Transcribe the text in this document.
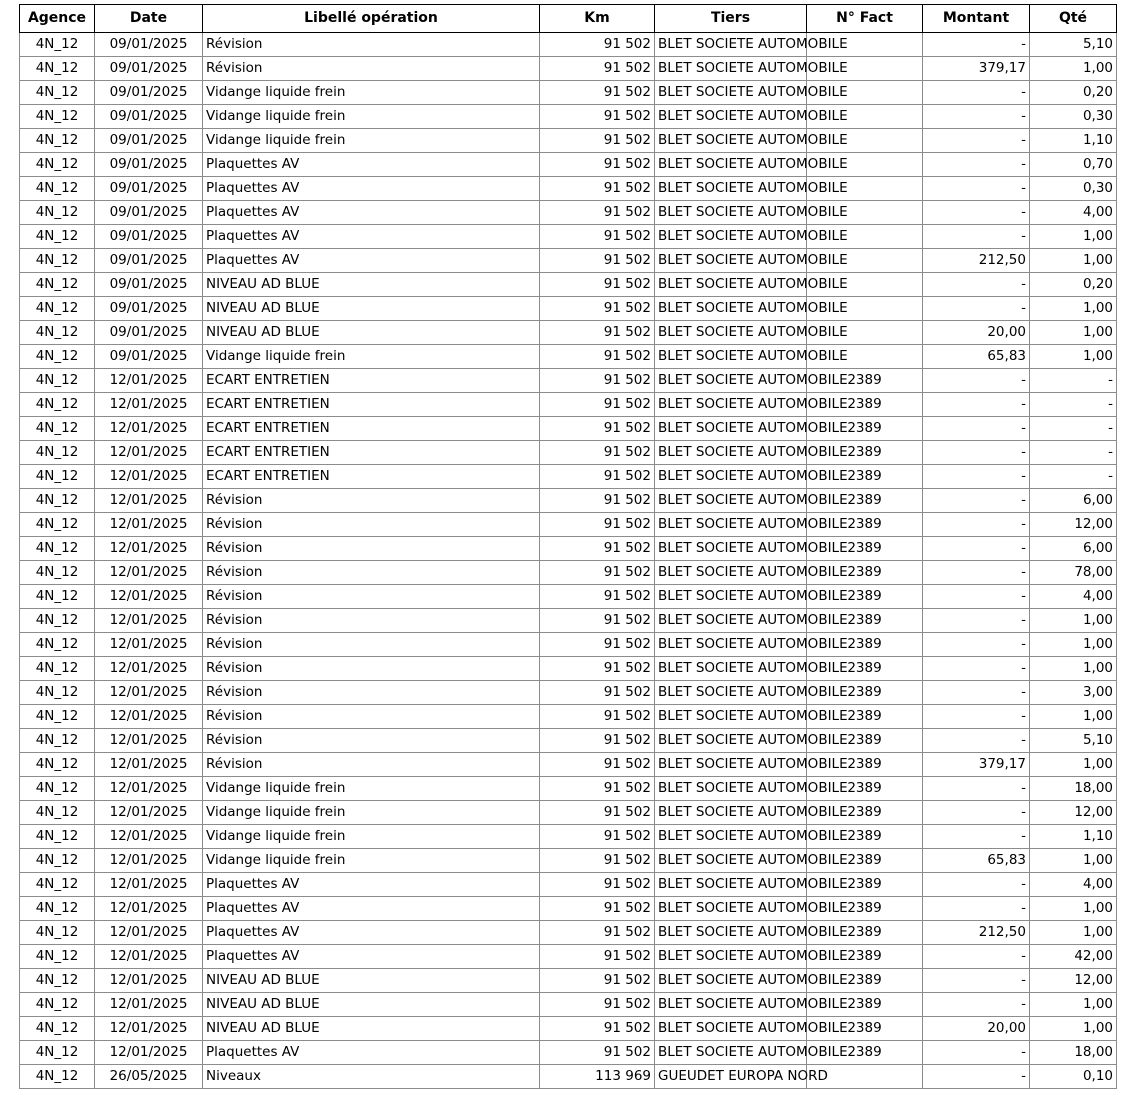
Agence	Date	Libellé opération	Km	Tiers	N° Fact	Montant	Qté
4N_12	09/01/2025	Révision	91 502	BLET SOCIETE AUTOMOBILE		-	5,10
4N_12	09/01/2025	Révision	91 502	BLET SOCIETE AUTOMOBILE		379,17	1,00
4N_12	09/01/2025	Vidange liquide frein	91 502	BLET SOCIETE AUTOMOBILE		-	0,20
4N_12	09/01/2025	Vidange liquide frein	91 502	BLET SOCIETE AUTOMOBILE		-	0,30
4N_12	09/01/2025	Vidange liquide frein	91 502	BLET SOCIETE AUTOMOBILE		-	1,10
4N_12	09/01/2025	Plaquettes AV	91 502	BLET SOCIETE AUTOMOBILE		-	0,70
4N_12	09/01/2025	Plaquettes AV	91 502	BLET SOCIETE AUTOMOBILE		-	0,30
4N_12	09/01/2025	Plaquettes AV	91 502	BLET SOCIETE AUTOMOBILE		-	4,00
4N_12	09/01/2025	Plaquettes AV	91 502	BLET SOCIETE AUTOMOBILE		-	1,00
4N_12	09/01/2025	Plaquettes AV	91 502	BLET SOCIETE AUTOMOBILE		212,50	1,00
4N_12	09/01/2025	NIVEAU AD BLUE	91 502	BLET SOCIETE AUTOMOBILE		-	0,20
4N_12	09/01/2025	NIVEAU AD BLUE	91 502	BLET SOCIETE AUTOMOBILE		-	1,00
4N_12	09/01/2025	NIVEAU AD BLUE	91 502	BLET SOCIETE AUTOMOBILE		20,00	1,00
4N_12	09/01/2025	Vidange liquide frein	91 502	BLET SOCIETE AUTOMOBILE		65,83	1,00
4N_12	12/01/2025	ECART ENTRETIEN	91 502	BLET SOCIETE AUTOMOBILE	2389	-	-
4N_12	12/01/2025	ECART ENTRETIEN	91 502	BLET SOCIETE AUTOMOBILE	2389	-	-
4N_12	12/01/2025	ECART ENTRETIEN	91 502	BLET SOCIETE AUTOMOBILE	2389	-	-
4N_12	12/01/2025	ECART ENTRETIEN	91 502	BLET SOCIETE AUTOMOBILE	2389	-	-
4N_12	12/01/2025	ECART ENTRETIEN	91 502	BLET SOCIETE AUTOMOBILE	2389	-	-
4N_12	12/01/2025	Révision	91 502	BLET SOCIETE AUTOMOBILE	2389	-	6,00
4N_12	12/01/2025	Révision	91 502	BLET SOCIETE AUTOMOBILE	2389	-	12,00
4N_12	12/01/2025	Révision	91 502	BLET SOCIETE AUTOMOBILE	2389	-	6,00
4N_12	12/01/2025	Révision	91 502	BLET SOCIETE AUTOMOBILE	2389	-	78,00
4N_12	12/01/2025	Révision	91 502	BLET SOCIETE AUTOMOBILE	2389	-	4,00
4N_12	12/01/2025	Révision	91 502	BLET SOCIETE AUTOMOBILE	2389	-	1,00
4N_12	12/01/2025	Révision	91 502	BLET SOCIETE AUTOMOBILE	2389	-	1,00
4N_12	12/01/2025	Révision	91 502	BLET SOCIETE AUTOMOBILE	2389	-	1,00
4N_12	12/01/2025	Révision	91 502	BLET SOCIETE AUTOMOBILE	2389	-	3,00
4N_12	12/01/2025	Révision	91 502	BLET SOCIETE AUTOMOBILE	2389	-	1,00
4N_12	12/01/2025	Révision	91 502	BLET SOCIETE AUTOMOBILE	2389	-	5,10
4N_12	12/01/2025	Révision	91 502	BLET SOCIETE AUTOMOBILE	2389	379,17	1,00
4N_12	12/01/2025	Vidange liquide frein	91 502	BLET SOCIETE AUTOMOBILE	2389	-	18,00
4N_12	12/01/2025	Vidange liquide frein	91 502	BLET SOCIETE AUTOMOBILE	2389	-	12,00
4N_12	12/01/2025	Vidange liquide frein	91 502	BLET SOCIETE AUTOMOBILE	2389	-	1,10
4N_12	12/01/2025	Vidange liquide frein	91 502	BLET SOCIETE AUTOMOBILE	2389	65,83	1,00
4N_12	12/01/2025	Plaquettes AV	91 502	BLET SOCIETE AUTOMOBILE	2389	-	4,00
4N_12	12/01/2025	Plaquettes AV	91 502	BLET SOCIETE AUTOMOBILE	2389	-	1,00
4N_12	12/01/2025	Plaquettes AV	91 502	BLET SOCIETE AUTOMOBILE	2389	212,50	1,00
4N_12	12/01/2025	Plaquettes AV	91 502	BLET SOCIETE AUTOMOBILE	2389	-	42,00
4N_12	12/01/2025	NIVEAU AD BLUE	91 502	BLET SOCIETE AUTOMOBILE	2389	-	12,00
4N_12	12/01/2025	NIVEAU AD BLUE	91 502	BLET SOCIETE AUTOMOBILE	2389	-	1,00
4N_12	12/01/2025	NIVEAU AD BLUE	91 502	BLET SOCIETE AUTOMOBILE	2389	20,00	1,00
4N_12	12/01/2025	Plaquettes AV	91 502	BLET SOCIETE AUTOMOBILE	2389	-	18,00
4N_12	26/05/2025	Niveaux	113 969	GUEUDET EUROPA NORD		-	0,10
